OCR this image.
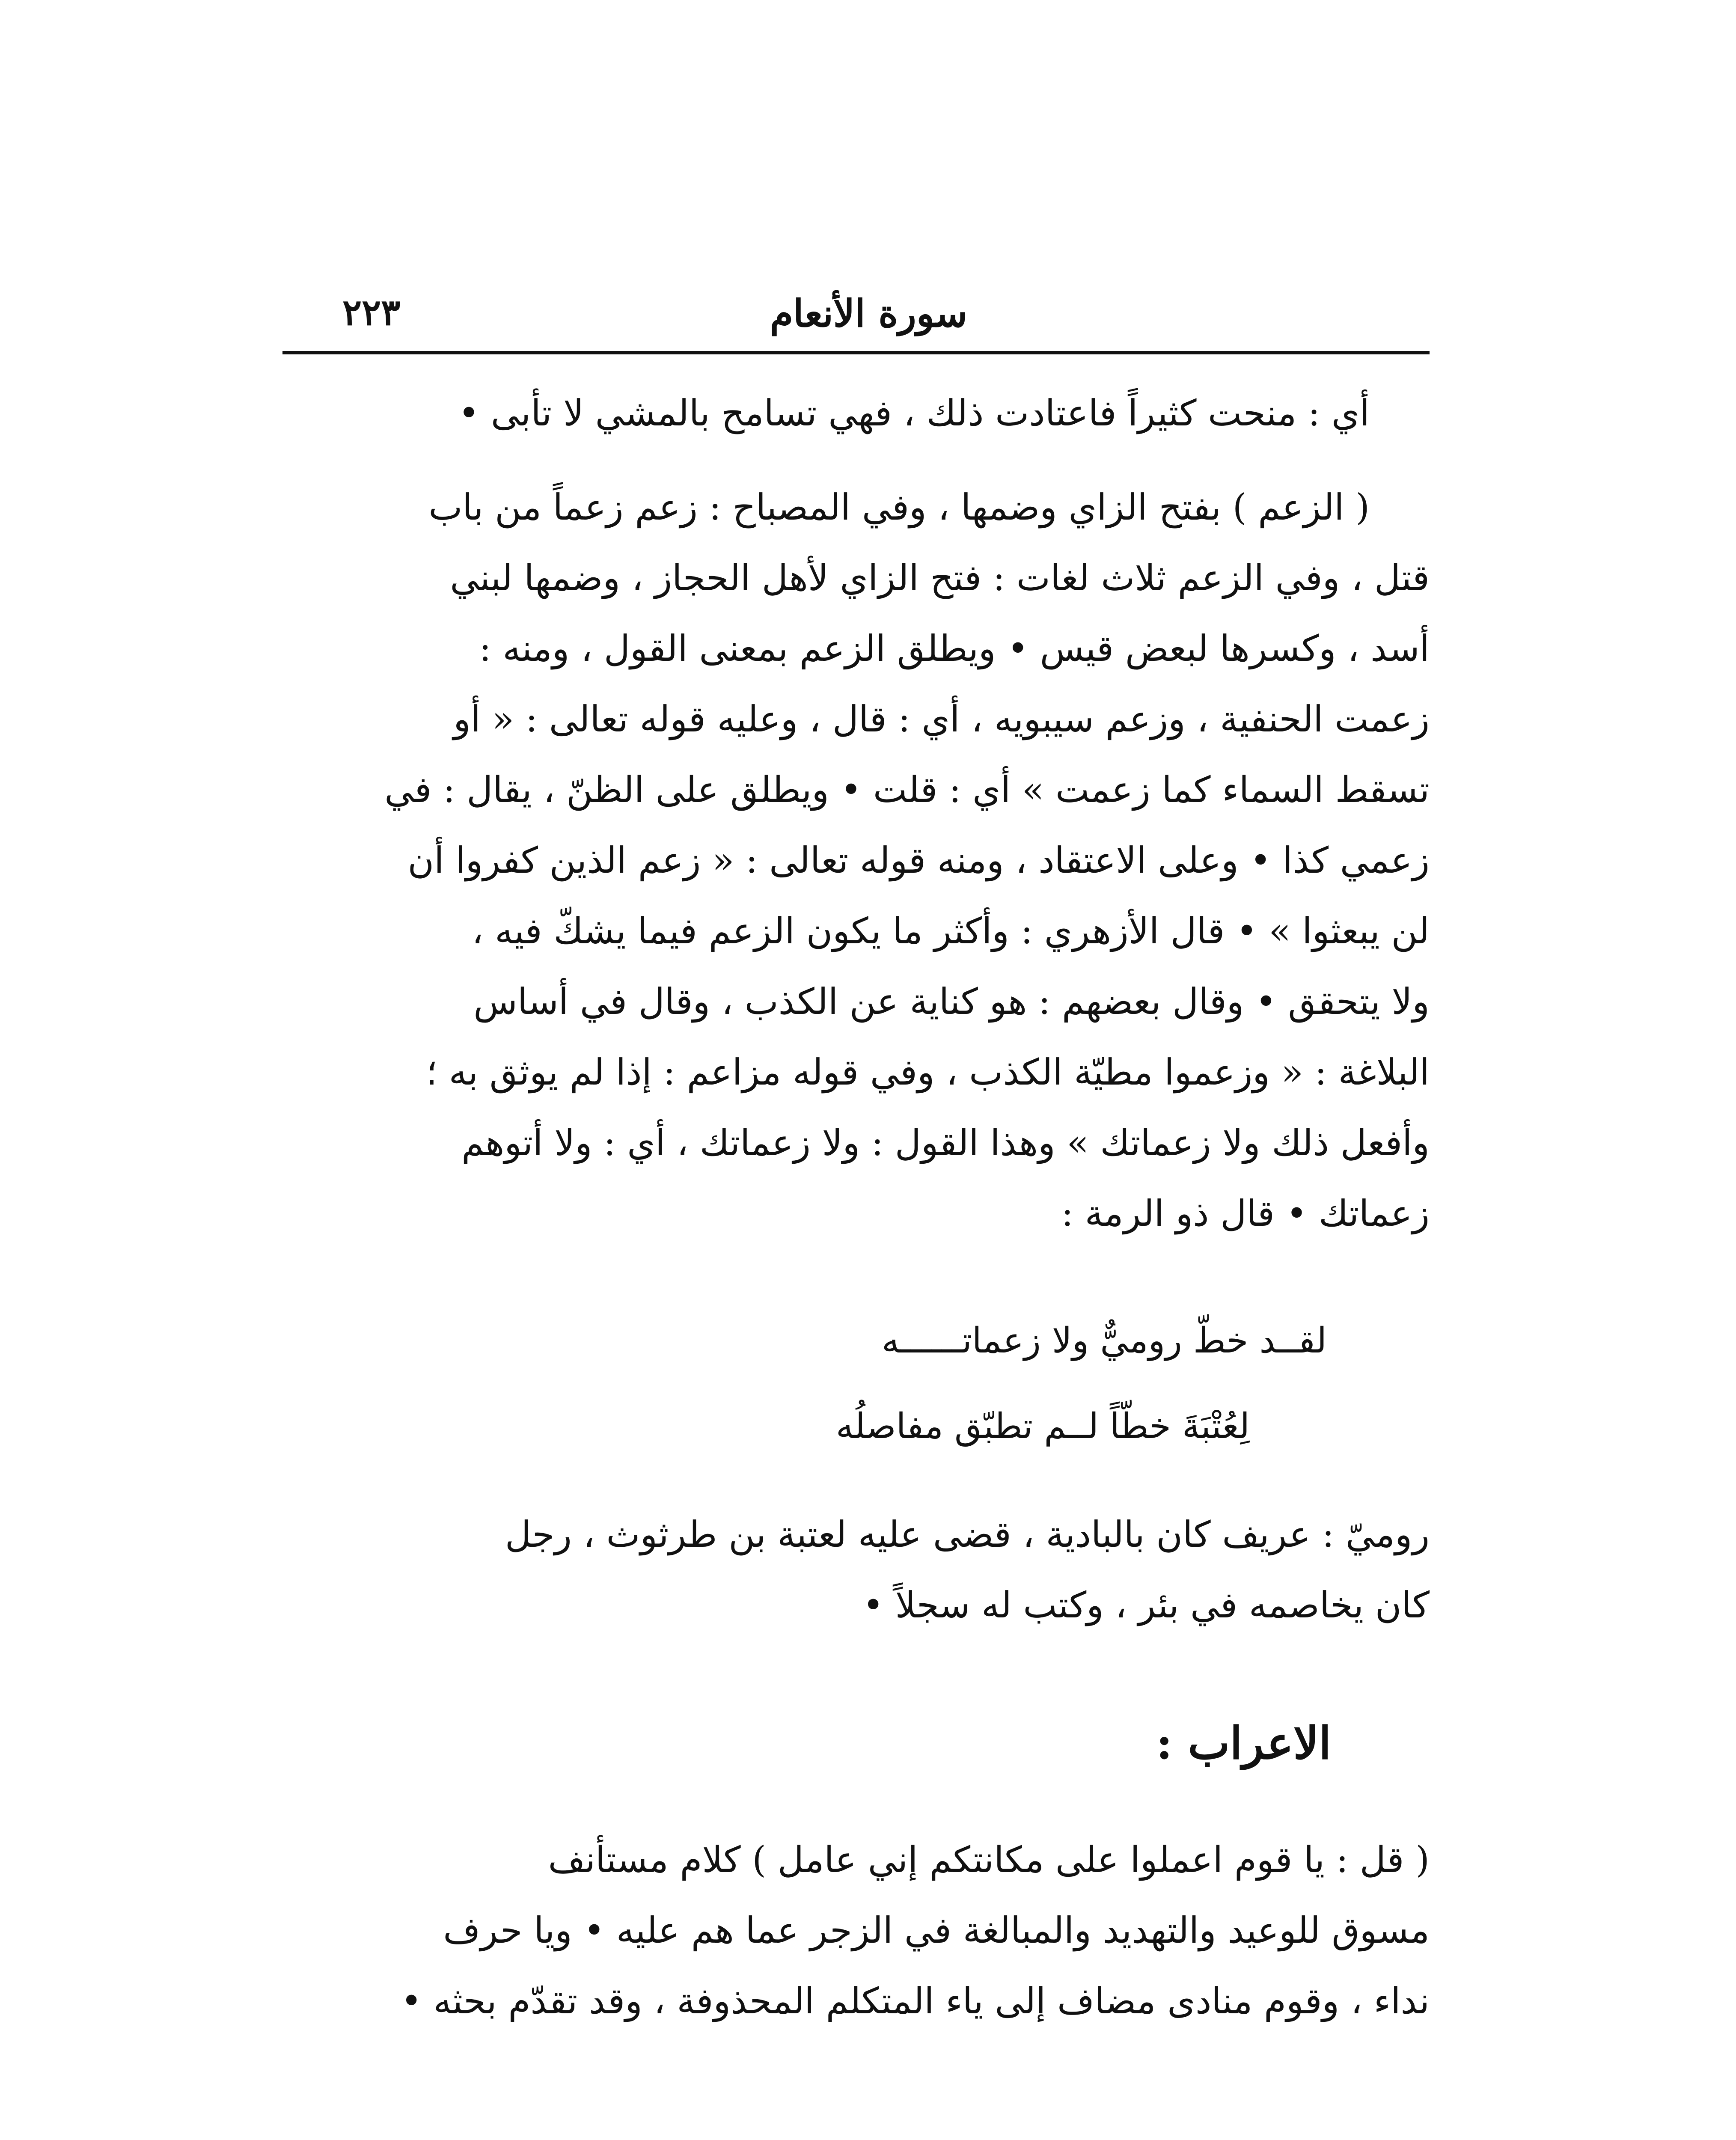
سورة الأنعام
٢٢٣
أي : منحت كثيراً فاعتادت ذلك ، فهي تسامح بالمشي لا تأبى •
( الزعم ) بفتح الزاي وضمها ، وفي المصباح : زعم زعماً من باب
قتل ، وفي الزعم ثلاث لغات : فتح الزاي لأهل الحجاز ، وضمها لبني
أسد ، وكسرها لبعض قيس • ويطلق الزعم بمعنى القول ، ومنه :
زعمت الحنفية ، وزعم سيبويه ، أي : قال ، وعليه قوله تعالى : « أو
تسقط السماء كما زعمت » أي : قلت • ويطلق على الظنّ ، يقال : في
زعمي كذا • وعلى الاعتقاد ، ومنه قوله تعالى : « زعم الذين كفروا أن
لن يبعثوا » • قال الأزهري : وأكثر ما يكون الزعم فيما يشكّ فيه ،
ولا يتحقق • وقال بعضهم : هو كناية عن الكذب ، وقال في أساس
البلاغة : « وزعموا مطيّة الكذب ، وفي قوله مزاعم : إذا لم يوثق به ؛
وأفعل ذلك ولا زعماتك » وهذا القول : ولا زعماتك ، أي : ولا أتوهم
زعماتك • قال ذو الرمة :
لقــد خطّ روميٌّ ولا زعماتــــــه
لِعُتْبَةَ خطّاً لــم تطبّق مفاصلُه
روميّ : عريف كان بالبادية ، قضى عليه لعتبة بن طرثوث ، رجل
كان يخاصمه في بئر ، وكتب له سجلاً •
الاعراب :
( قل : يا قوم اعملوا على مكانتكم إني عامل ) كلام مستأنف
مسوق للوعيد والتهديد والمبالغة في الزجر عما هم عليه • ويا حرف
نداء ، وقوم منادى مضاف إلى ياء المتكلم المحذوفة ، وقد تقدّم بحثه •
